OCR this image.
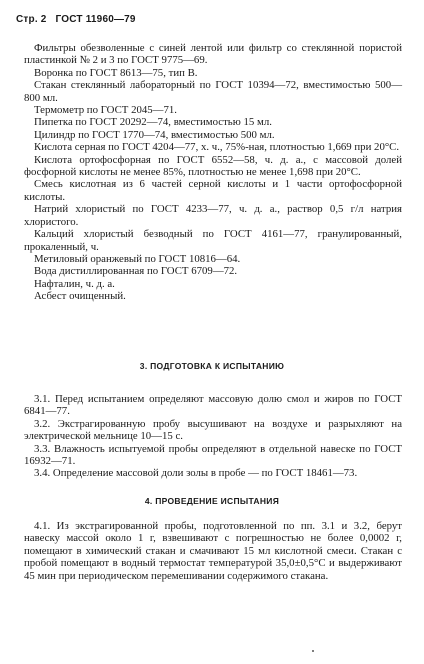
Стр. 2 ГОСТ 11960—79

Фильтры обезволенные с синей лентой или фильтр со стеклянной пористой пластинкой № 2 и 3 по ГОСТ 9775—69.

Воронка по ГОСТ 8613—75, тип В.

Стакан стеклянный лабораторный по ГОСТ 10394—72, вместимостью 500—800 мл.

Термометр по ГОСТ 2045—71.

Пипетка по ГОСТ 20292—74, вместимостью 15 мл.

Цилиндр по ГОСТ 1770—74, вместимостью 500 мл.

Кислота серная по ГОСТ 4204—77, х. ч., 75%-ная, плотностью 1,669 при 20°С.

Кислота ортофосфорная по ГОСТ 6552—58, ч. д. а., с массовой долей фосфорной кислоты не менее 85%, плотностью не менее 1,698 при 20°С.

Смесь кислотная из 6 частей серной кислоты и 1 части ортофосфорной кислоты.

Натрий хлористый по ГОСТ 4233—77, ч. д. а., раствор 0,5 г/л натрия хлористого.

Кальций хлористый безводный по ГОСТ 4161—77, гранулированный, прокаленный, ч.

Метиловый оранжевый по ГОСТ 10816—64.

Вода дистиллированная по ГОСТ 6709—72.

Нафталин, ч. д. а.

Асбест очищенный.

3. ПОДГОТОВКА К ИСПЫТАНИЮ

3.1. Перед испытанием определяют массовую долю смол и жиров по ГОСТ 6841—77.

3.2. Экстрагированную пробу высушивают на воздухе и разрыхляют на электрической мельнице 10—15 с.

3.3. Влажность испытуемой пробы определяют в отдельной навеске по ГОСТ 16932—71.

3.4. Определение массовой доли золы в пробе — по ГОСТ 18461—73.

4. ПРОВЕДЕНИЕ ИСПЫТАНИЯ

4.1. Из экстрагированной пробы, подготовленной по пп. 3.1 и 3.2, берут навеску массой около 1 г, взвешивают с погрешностью не более 0,0002 г, помещают в химический стакан и смачивают 15 мл кислотной смеси. Стакан с пробой помещают в водный термостат температурой 35,0±0,5°С и выдерживают 45 мин при периодическом перемешивании содержимого стакана.
